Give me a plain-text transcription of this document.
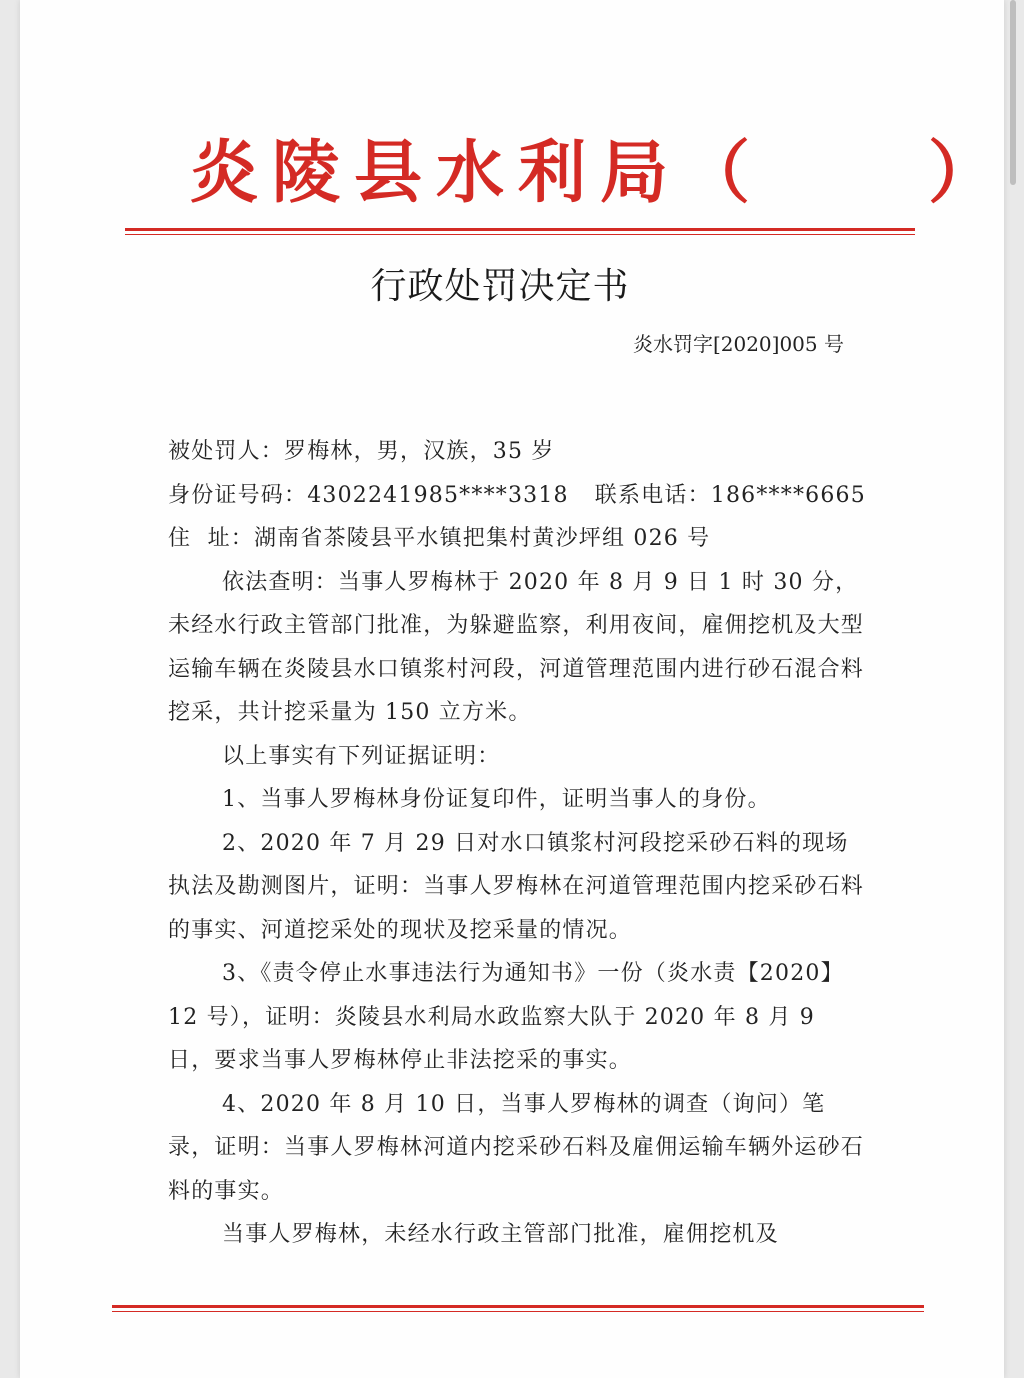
炎陵县水利局（　　）
行政处罚决定书
炎水罚字[2020]005 号

被处罚人：罗梅林，男，汉族，35 岁

身份证号码：4302241985****3318 联系电话：186****6665

住  址：湖南省茶陵县平水镇把集村黄沙坪组 026 号

依法查明：当事人罗梅林于 2020 年 8 月 9 日 1 时 30 分，未经水行政主管部门批准，为躲避监察，利用夜间，雇佣挖机及大型运输车辆在炎陵县水口镇浆村河段，河道管理范围内进行砂石混合料挖采，共计挖采量为 150 立方米。

以上事实有下列证据证明：

1、当事人罗梅林身份证复印件，证明当事人的身份。

2、2020 年 7 月 29 日对水口镇浆村河段挖采砂石料的现场执法及勘测图片，证明：当事人罗梅林在河道管理范围内挖采砂石料的事实、河道挖采处的现状及挖采量的情况。

3、《责令停止水事违法行为通知书》一份（炎水责【2020】12 号），证明：炎陵县水利局水政监察大队于 2020 年 8 月 9 日，要求当事人罗梅林停止非法挖采的事实。

4、2020 年 8 月 10 日，当事人罗梅林的调查（询问）笔录，证明：当事人罗梅林河道内挖采砂石料及雇佣运输车辆外运砂石料的事实。

当事人罗梅林，未经水行政主管部门批准，雇佣挖机及
